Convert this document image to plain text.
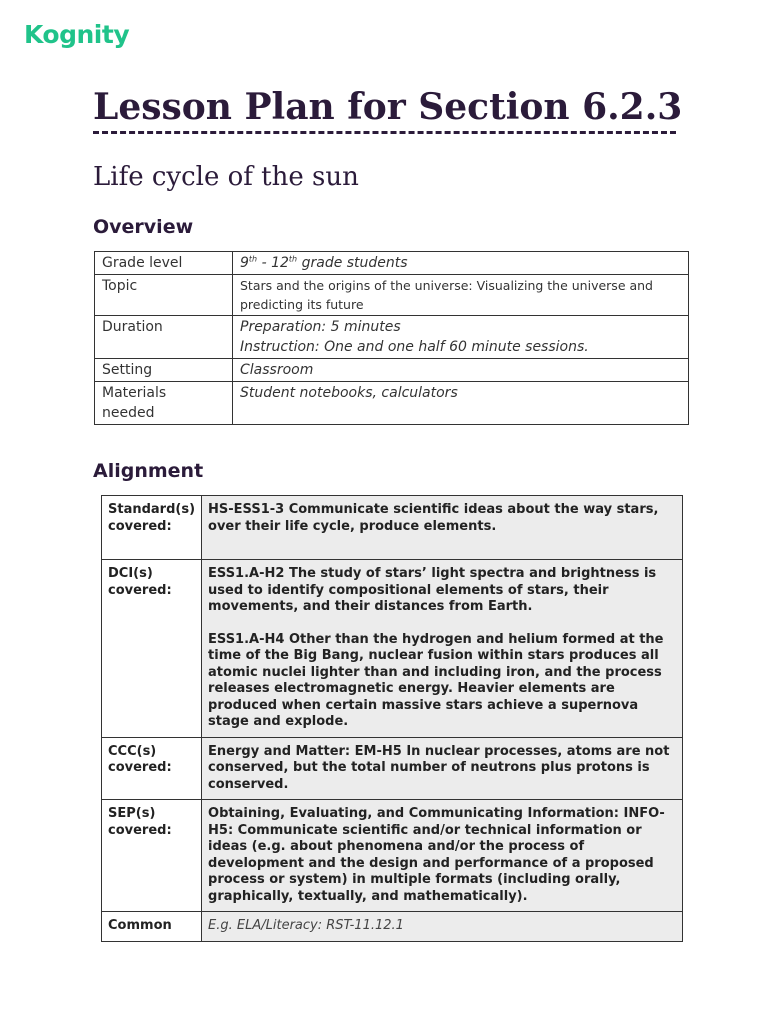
Kognity
Lesson Plan for Section 6.2.3
Life cycle of the sun
Overview
Grade level	9th - 12th grade students
Topic	Stars and the origins of the universe: Visualizing the universe and predicting its future
Duration	Preparation: 5 minutes
Instruction: One and one half 60 minute sessions.

Setting	Classroom

Materials
needed	Student notebooks, calculators
Alignment
Standard(s) covered:	HS-ESS1-3 Communicate scientific ideas about the way stars, over their life cycle, produce elements.

DCI(s) covered:	ESS1.A-H2 The study of stars’ light spectra and brightness is used to identify compositional elements of stars, their movements, and their distances from Earth.
ESS1.A-H4 Other than the hydrogen and helium formed at the time of the Big Bang, nuclear fusion within stars produces all atomic nuclei lighter than and including iron, and the process releases electromagnetic energy. Heavier elements are produced when certain massive stars achieve a supernova stage and explode.

CCC(s) covered:	Energy and Matter: EM-H5 In nuclear processes, atoms are not conserved, but the total number of neutrons plus protons is conserved.

SEP(s) covered:	Obtaining, Evaluating, and Communicating Information: INFO-H5: Communicate scientific and/or technical information or ideas (e.g. about phenomena and/or the process of development and the design and performance of a proposed process or system) in multiple formats (including orally, graphically, textually, and mathematically).

Common	E.g. ELA/Literacy: RST-11.12.1
